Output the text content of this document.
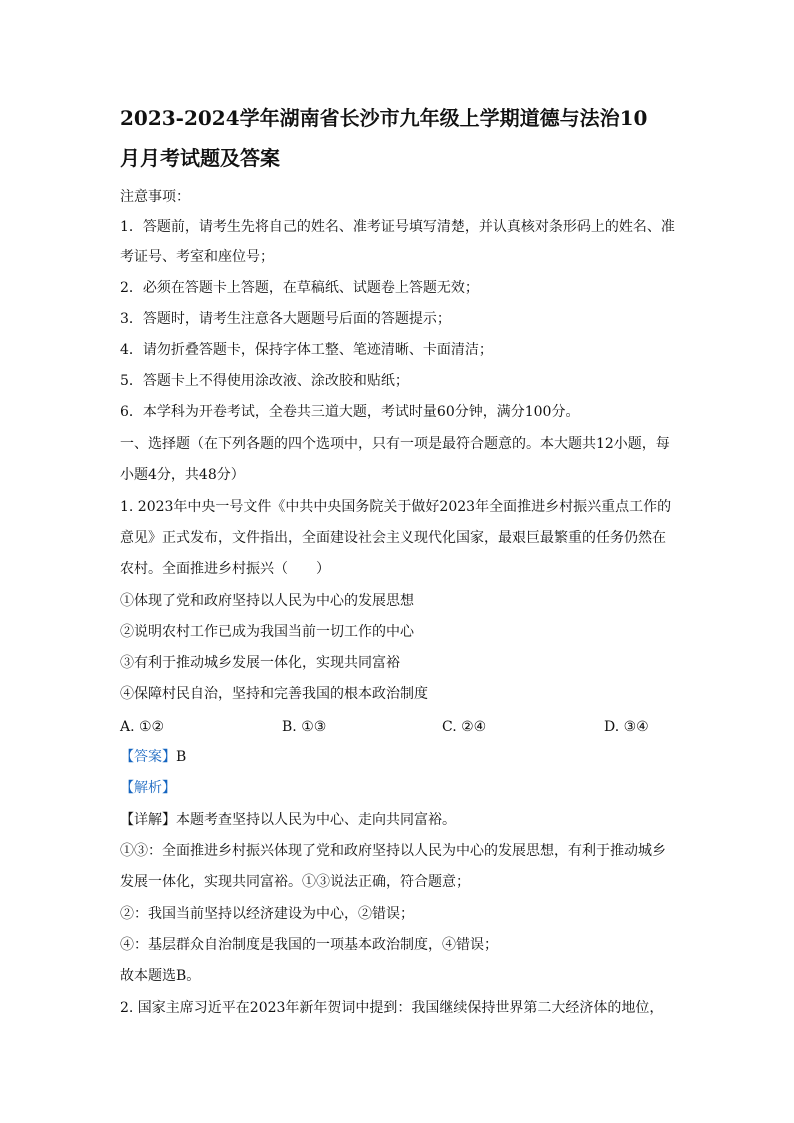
2023-2024学年湖南省长沙市九年级上学期道德与法治10
月月考试题及答案
注意事项：
1．答题前，请考生先将自己的姓名、准考证号填写清楚，并认真核对条形码上的姓名、准
考证号、考室和座位号；
2．必须在答题卡上答题，在草稿纸、试题卷上答题无效；
3．答题时，请考生注意各大题题号后面的答题提示；
4．请勿折叠答题卡，保持字体工整、笔迹清晰、卡面清洁；
5．答题卡上不得使用涂改液、涂改胶和贴纸；
6．本学科为开卷考试，全卷共三道大题，考试时量60分钟，满分100分。
一、选择题（在下列各题的四个选项中，只有一项是最符合题意的。本大题共12小题，每
小题4分，共48分）
1. 2023年中央一号文件《中共中央国务院关于做好2023年全面推进乡村振兴重点工作的
意见》正式发布，文件指出，全面建设社会主义现代化国家，最艰巨最繁重的任务仍然在
农村。全面推进乡村振兴（　　）
①体现了党和政府坚持以人民为中心的发展思想
②说明农村工作已成为我国当前一切工作的中心
③有利于推动城乡发展一体化，实现共同富裕
④保障村民自治，坚持和完善我国的根本政治制度
A. ①②	B. ①③	C. ②④	D. ③④
【答案】B
【解析】
【详解】本题考查坚持以人民为中心、走向共同富裕。
①③：全面推进乡村振兴体现了党和政府坚持以人民为中心的发展思想，有利于推动城乡
发展一体化，实现共同富裕。①③说法正确，符合题意；
②：我国当前坚持以经济建设为中心，②错误；
④：基层群众自治制度是我国的一项基本政治制度，④错误；
故本题选B。
2. 国家主席习近平在2023年新年贺词中提到：我国继续保持世界第二大经济体的地位，
